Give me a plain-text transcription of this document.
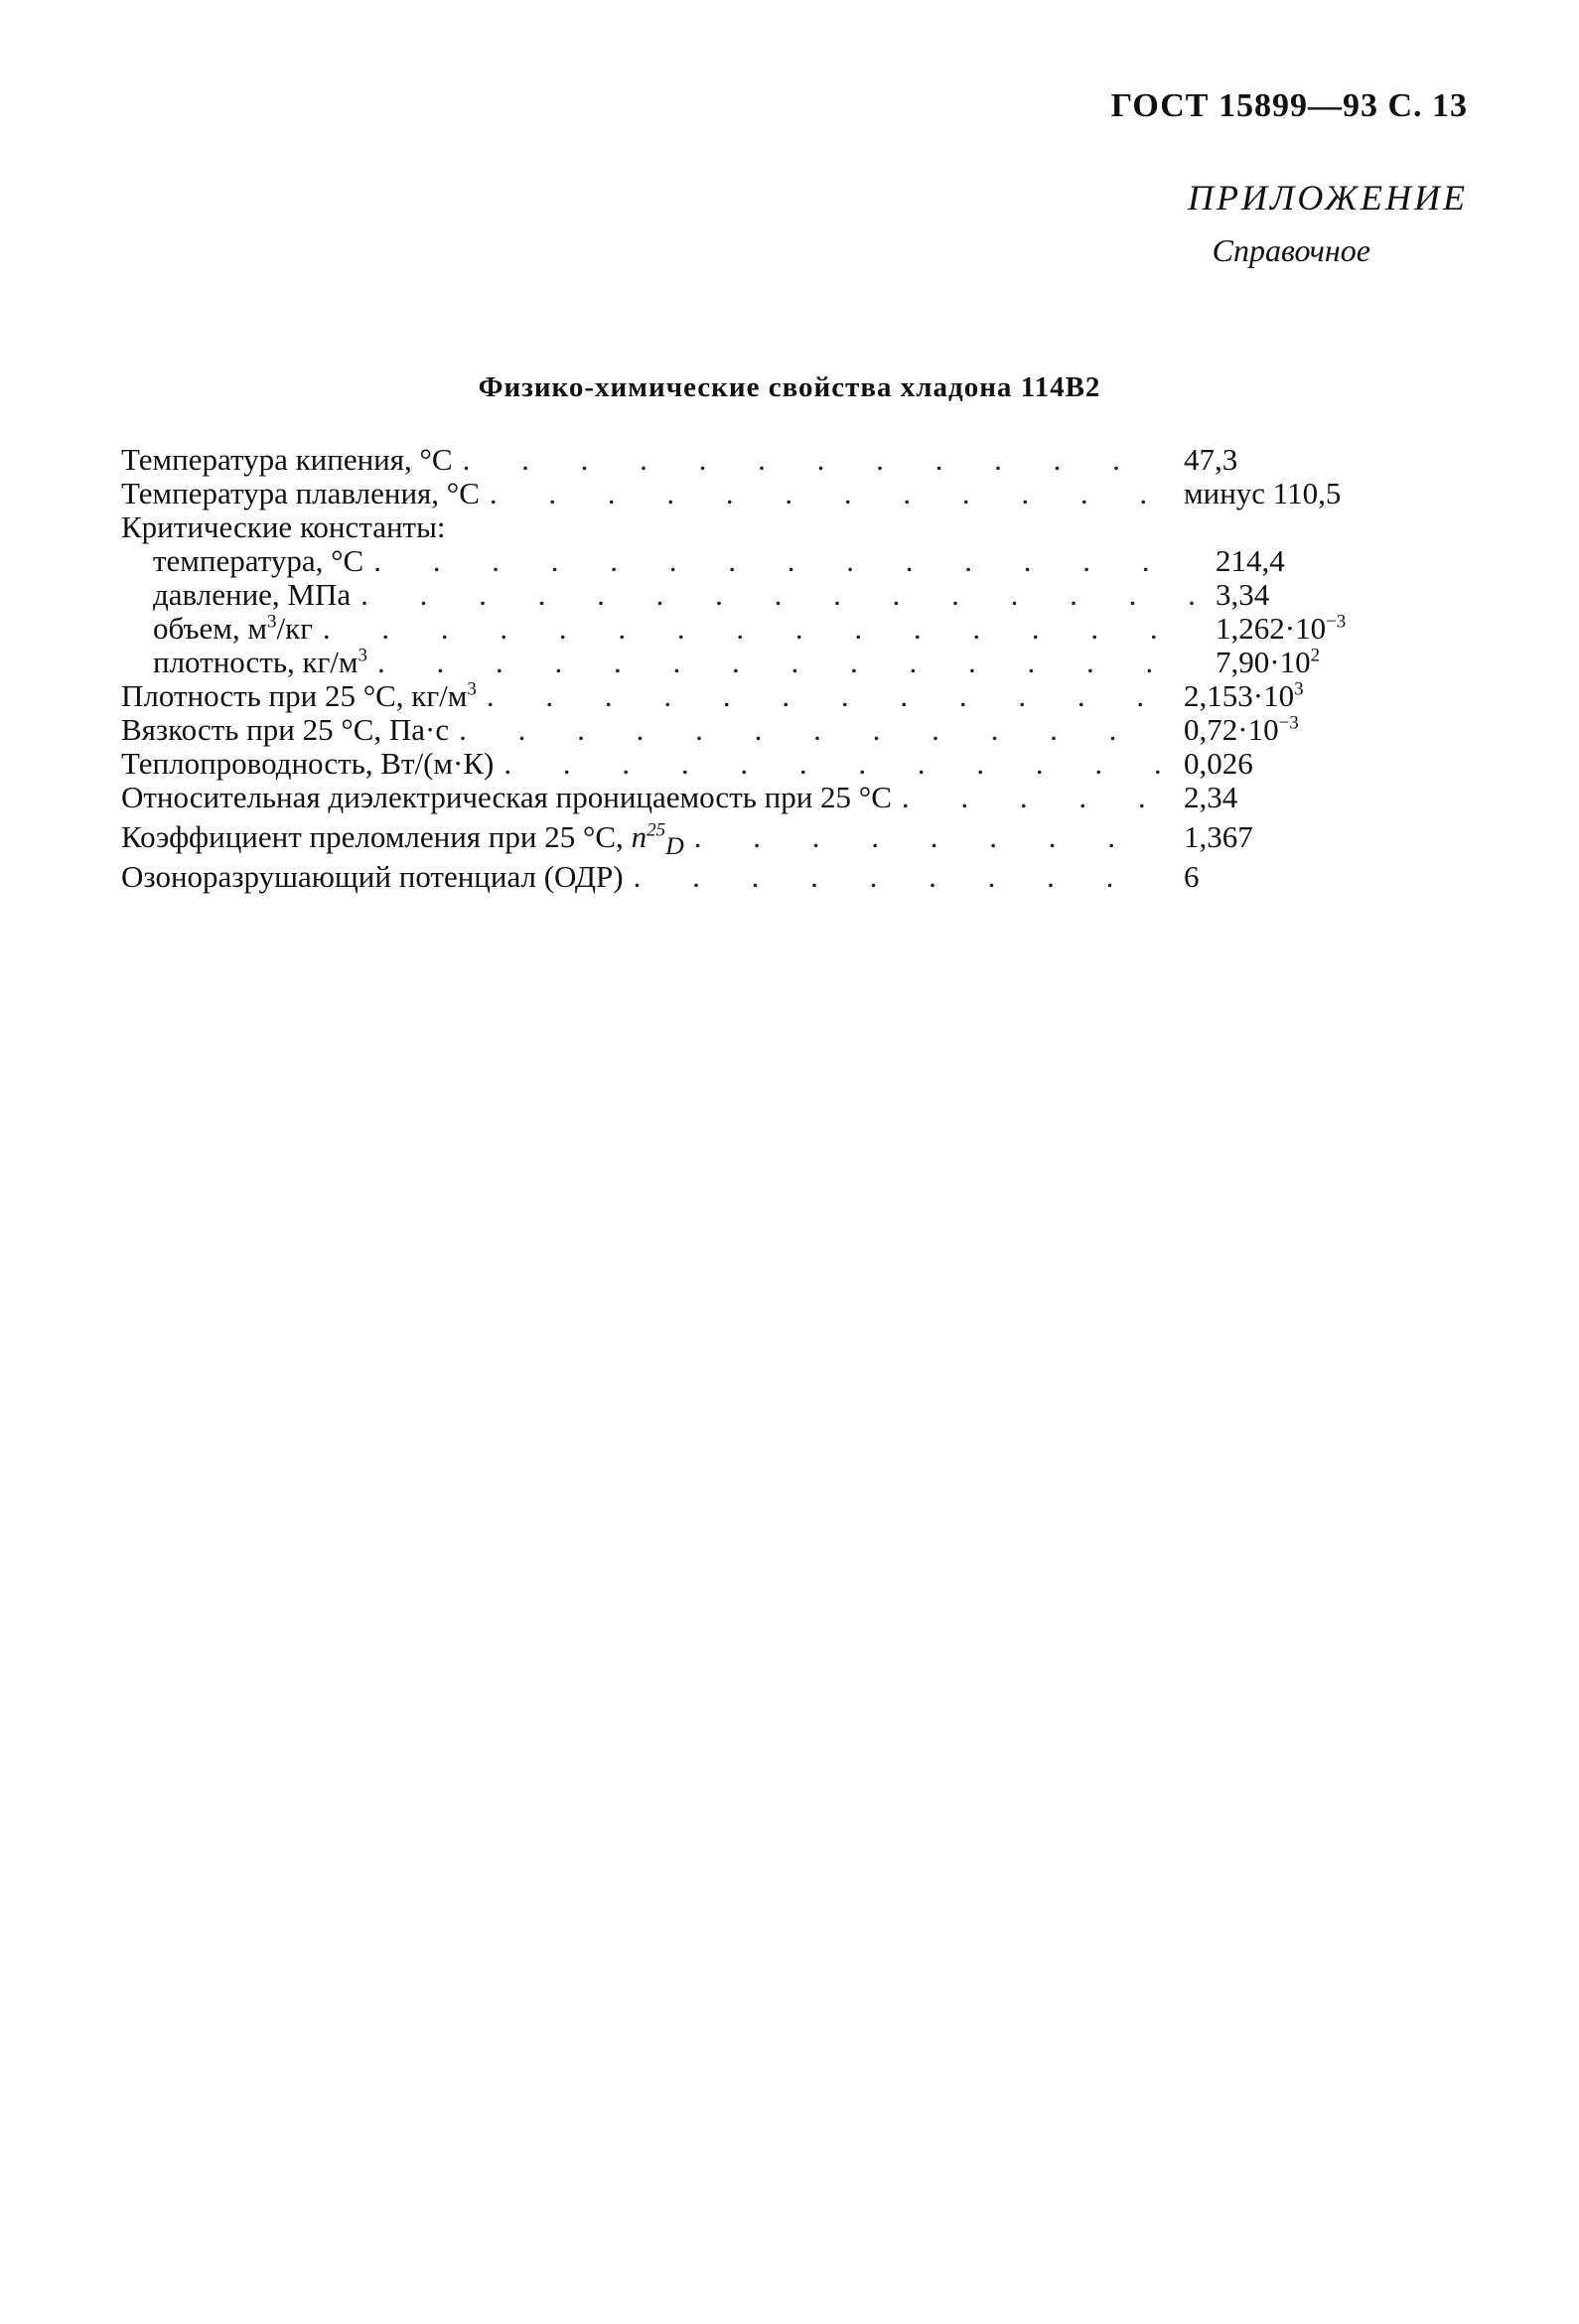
ГОСТ 15899—93 С. 13
ПРИЛОЖЕНИЕ
Справочное
Физико-химические свойства хладона 114В2
Температура кипения, °С . . .	47,3
Температура плавления, °С . . .	минус 110,5
Критические константы:
температура, °С . . .	214,4
давление, МПа . . .	3,34
объем, $м^3/кг$ . . .	$1,262\cdot 10^{-3}$
плотность, $кг/м^3$ . . .	$7,90\cdot 10^2$
Плотность при 25 °С, $кг/м^3$ . . .	$2,153\cdot 10^3$
Вязкость при 25 °С, Па·с . . .	$0,72\cdot 10^{-3}$
Теплопроводность, Вт/(м·К) . . .	0,026
Относительная диэлектрическая проницаемость при 25 °С . . .	2,34
Коэффициент преломления при 25 °С, $n^{25}_D$ . . .	1,367
Озоноразрушающий потенциал (ОДР) . . .	6
